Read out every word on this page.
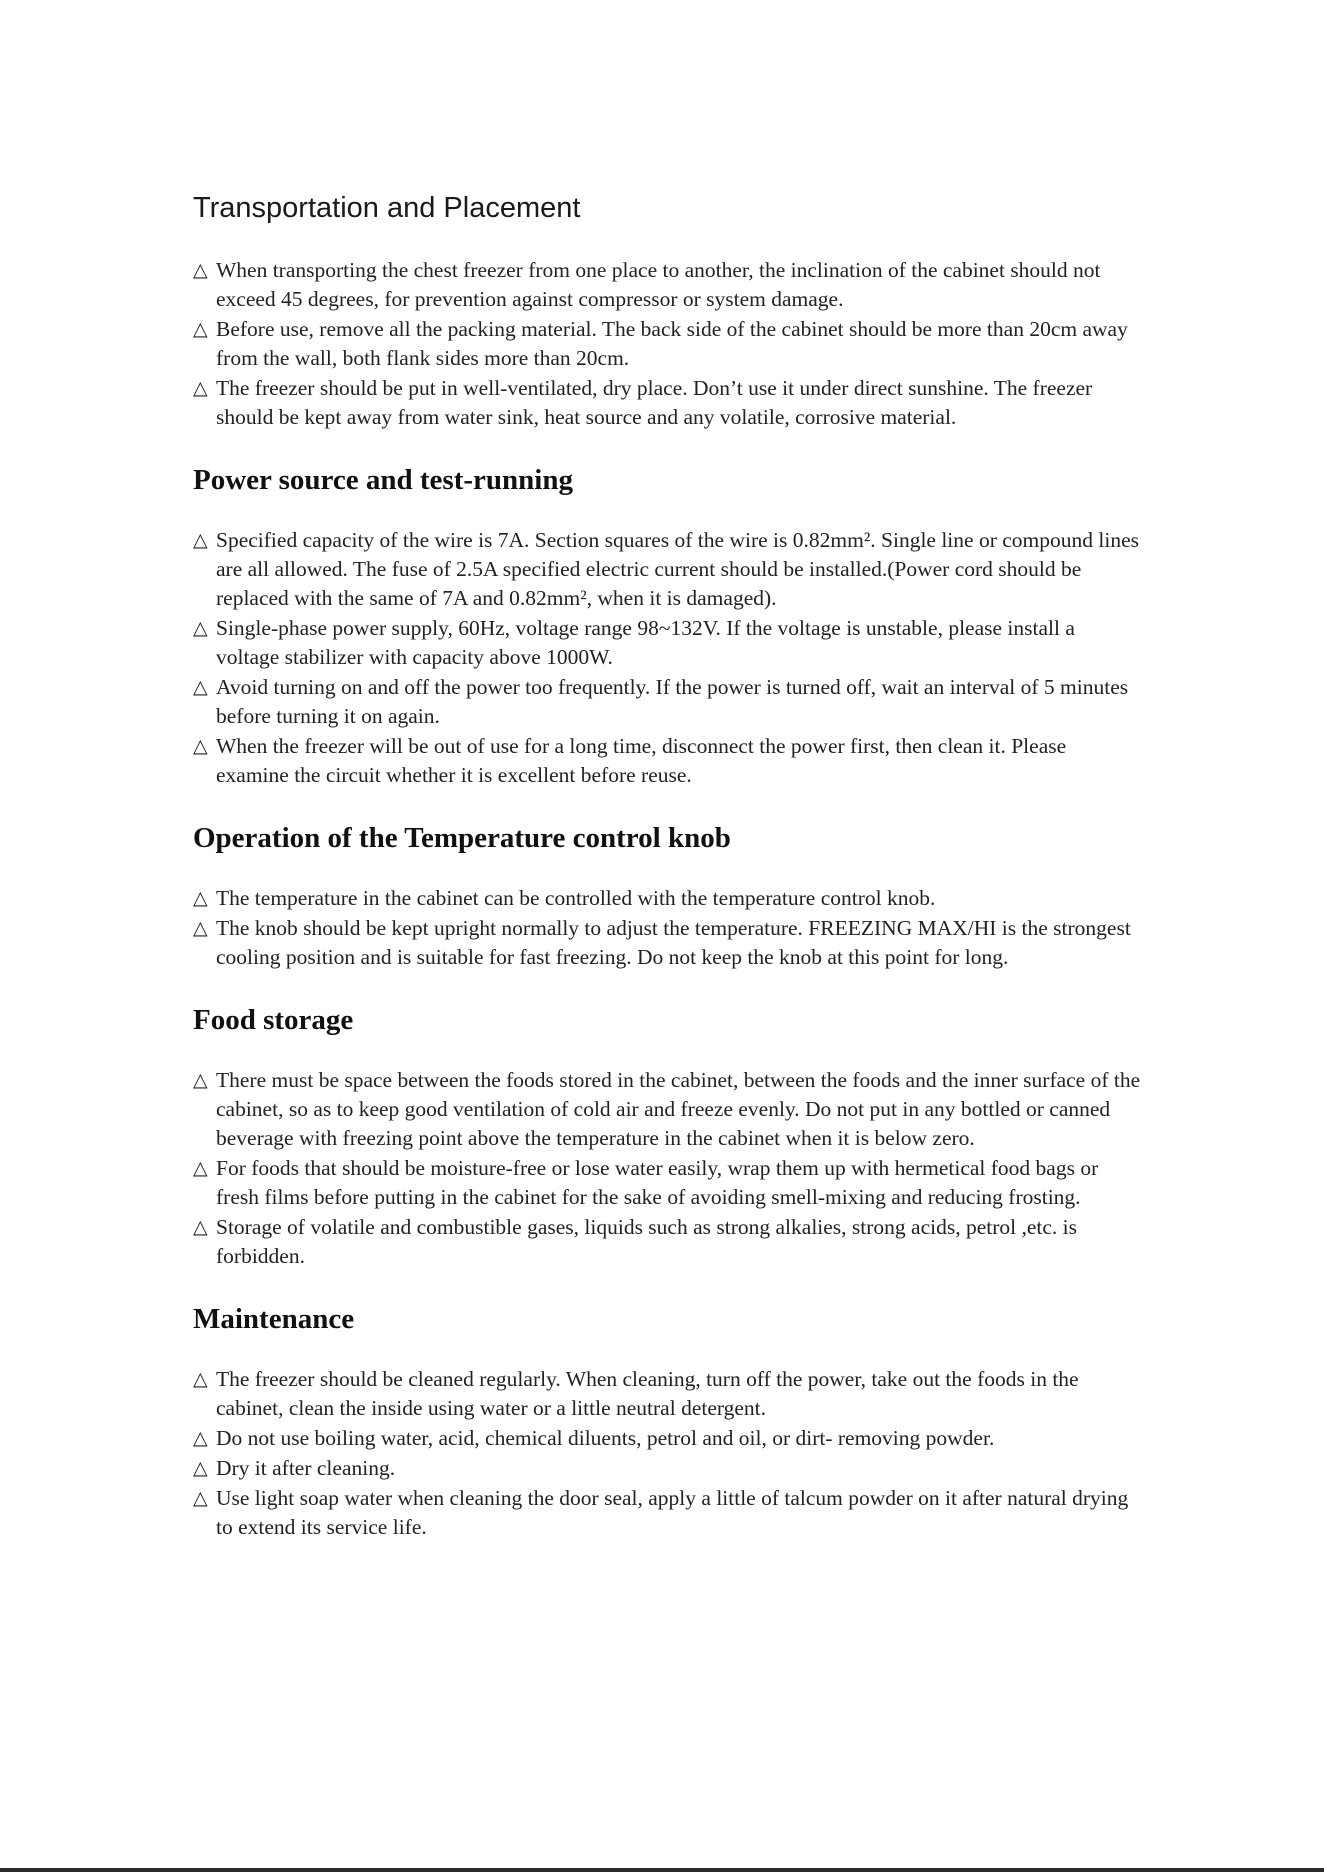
Transportation and Placement
△ When transporting the chest freezer from one place to another, the inclination of the cabinet should not exceed 45 degrees, for prevention against compressor or system damage.
△ Before use, remove all the packing material. The back side of the cabinet should be more than 20cm away from the wall, both flank sides more than 20cm.
△ The freezer should be put in well-ventilated, dry place. Don’t use it under direct sunshine. The freezer should be kept away from water sink, heat source and any volatile, corrosive material.
Power source and test-running
△ Specified capacity of the wire is 7A. Section squares of the wire is 0.82mm². Single line or compound lines are all allowed. The fuse of 2.5A specified electric current should be installed.(Power cord should be replaced with the same of 7A and 0.82mm², when it is damaged).
△ Single-phase power supply, 60Hz, voltage range 98~132V. If the voltage is unstable, please install a voltage stabilizer with capacity above 1000W.
△ Avoid turning on and off the power too frequently. If the power is turned off, wait an interval of 5 minutes before turning it on again.
△ When the freezer will be out of use for a long time, disconnect the power first, then clean it. Please examine the circuit whether it is excellent before reuse.
Operation of the Temperature control knob
△ The temperature in the cabinet can be controlled with the temperature control knob.
△ The knob should be kept upright normally to adjust the temperature. FREEZING MAX/HI is the strongest cooling position and is suitable for fast freezing. Do not keep the knob at this point for long.
Food storage
△ There must be space between the foods stored in the cabinet, between the foods and the inner surface of the cabinet, so as to keep good ventilation of cold air and freeze evenly. Do not put in any bottled or canned beverage with freezing point above the temperature in the cabinet when it is below zero.
△ For foods that should be moisture-free or lose water easily, wrap them up with hermetical food bags or fresh films before putting in the cabinet for the sake of avoiding smell-mixing and reducing frosting.
△ Storage of volatile and combustible gases, liquids such as strong alkalies, strong acids, petrol ,etc. is forbidden.
Maintenance
△ The freezer should be cleaned regularly. When cleaning, turn off the power, take out the foods in the cabinet, clean the inside using water or a little neutral detergent.
△ Do not use boiling water, acid, chemical diluents, petrol and oil, or dirt- removing powder.
△ Dry it after cleaning.
△ Use light soap water when cleaning the door seal, apply a little of talcum powder on it after natural drying to extend its service life.
